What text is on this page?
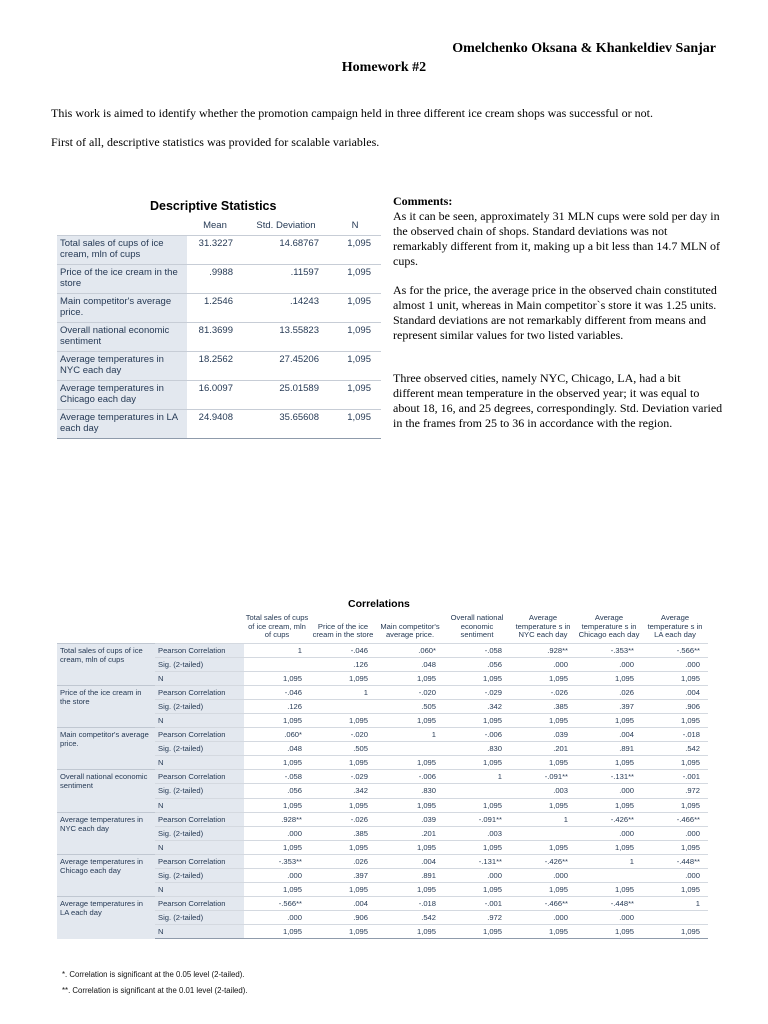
Omelchenko Oksana & Khankeldiev Sanjar
Homework #2
This work is aimed to identify whether the promotion campaign held in three different ice cream shops was successful or not.
First of all, descriptive statistics was provided for scalable variables.
Descriptive Statistics
	Mean	Std. Deviation	N
Total sales of cups of ice cream, mln of cups	31.3227	14.68767	1,095
Price of the ice cream in the store	.9988	.11597	1,095
Main competitor's average price.	1.2546	.14243	1,095
Overall national economic sentiment	81.3699	13.55823	1,095
Average temperatures in NYC each day	18.2562	27.45206	1,095
Average temperatures in Chicago each day	16.0097	25.01589	1,095
Average temperatures in LA each day	24.9408	35.65608	1,095
Comments:
As it can be seen, approximately 31 MLN cups were sold per day in the observed chain of shops. Standard deviations was not remarkably different from it, making up a bit less than 14.7 MLN of cups.
As for the price, the average price in the observed chain constituted almost 1 unit, whereas in Main competitor`s store it was 1.25 units. Standard deviations are not remarkably different from means and represent similar values for two listed variables.
Three observed cities, namely NYC, Chicago, LA, had a bit different mean temperature in the observed year; it was equal to about 18, 16, and 25 degrees, correspondingly. Std. Deviation varied in the frames from 25 to 36 in accordance with the region.
Correlations
		Total sales of cups of ice cream, mln of cups	Price of the ice cream in the store	Main competitor's average price.	Overall national economic sentiment	Average temperature s in NYC each day	Average temperature s in Chicago each day	Average temperature s in LA each day
Total sales of cups of ice cream, mln of cups	Pearson Correlation	1	-.046	.060*	-.058	.928**	-.353**	-.566**
	Sig. (2-tailed)		.126	.048	.056	.000	.000	.000
	N	1,095	1,095	1,095	1,095	1,095	1,095	1,095
Price of the ice cream in the store	Pearson Correlation	-.046	1	-.020	-.029	-.026	.026	.004
	Sig. (2-tailed)	.126		.505	.342	.385	.397	.906
	N	1,095	1,095	1,095	1,095	1,095	1,095	1,095
Main competitor's average price.	Pearson Correlation	.060*	-.020	1	-.006	.039	.004	-.018
	Sig. (2-tailed)	.048	.505		.830	.201	.891	.542
	N	1,095	1,095	1,095	1,095	1,095	1,095	1,095
Overall national economic sentiment	Pearson Correlation	-.058	-.029	-.006	1	-.091**	-.131**	-.001
	Sig. (2-tailed)	.056	.342	.830		.003	.000	.972
	N	1,095	1,095	1,095	1,095	1,095	1,095	1,095
Average temperatures in NYC each day	Pearson Correlation	.928**	-.026	.039	-.091**	1	-.426**	-.466**
	Sig. (2-tailed)	.000	.385	.201	.003		.000	.000
	N	1,095	1,095	1,095	1,095	1,095	1,095	1,095
Average temperatures in Chicago each day	Pearson Correlation	-.353**	.026	.004	-.131**	-.426**	1	-.448**
	Sig. (2-tailed)	.000	.397	.891	.000	.000		.000
	N	1,095	1,095	1,095	1,095	1,095	1,095	1,095
Average temperatures in LA each day	Pearson Correlation	-.566**	.004	-.018	-.001	-.466**	-.448**	1
	Sig. (2-tailed)	.000	.906	.542	.972	.000	.000	
	N	1,095	1,095	1,095	1,095	1,095	1,095	1,095
*. Correlation is significant at the 0.05 level (2-tailed).
**. Correlation is significant at the 0.01 level (2-tailed).
